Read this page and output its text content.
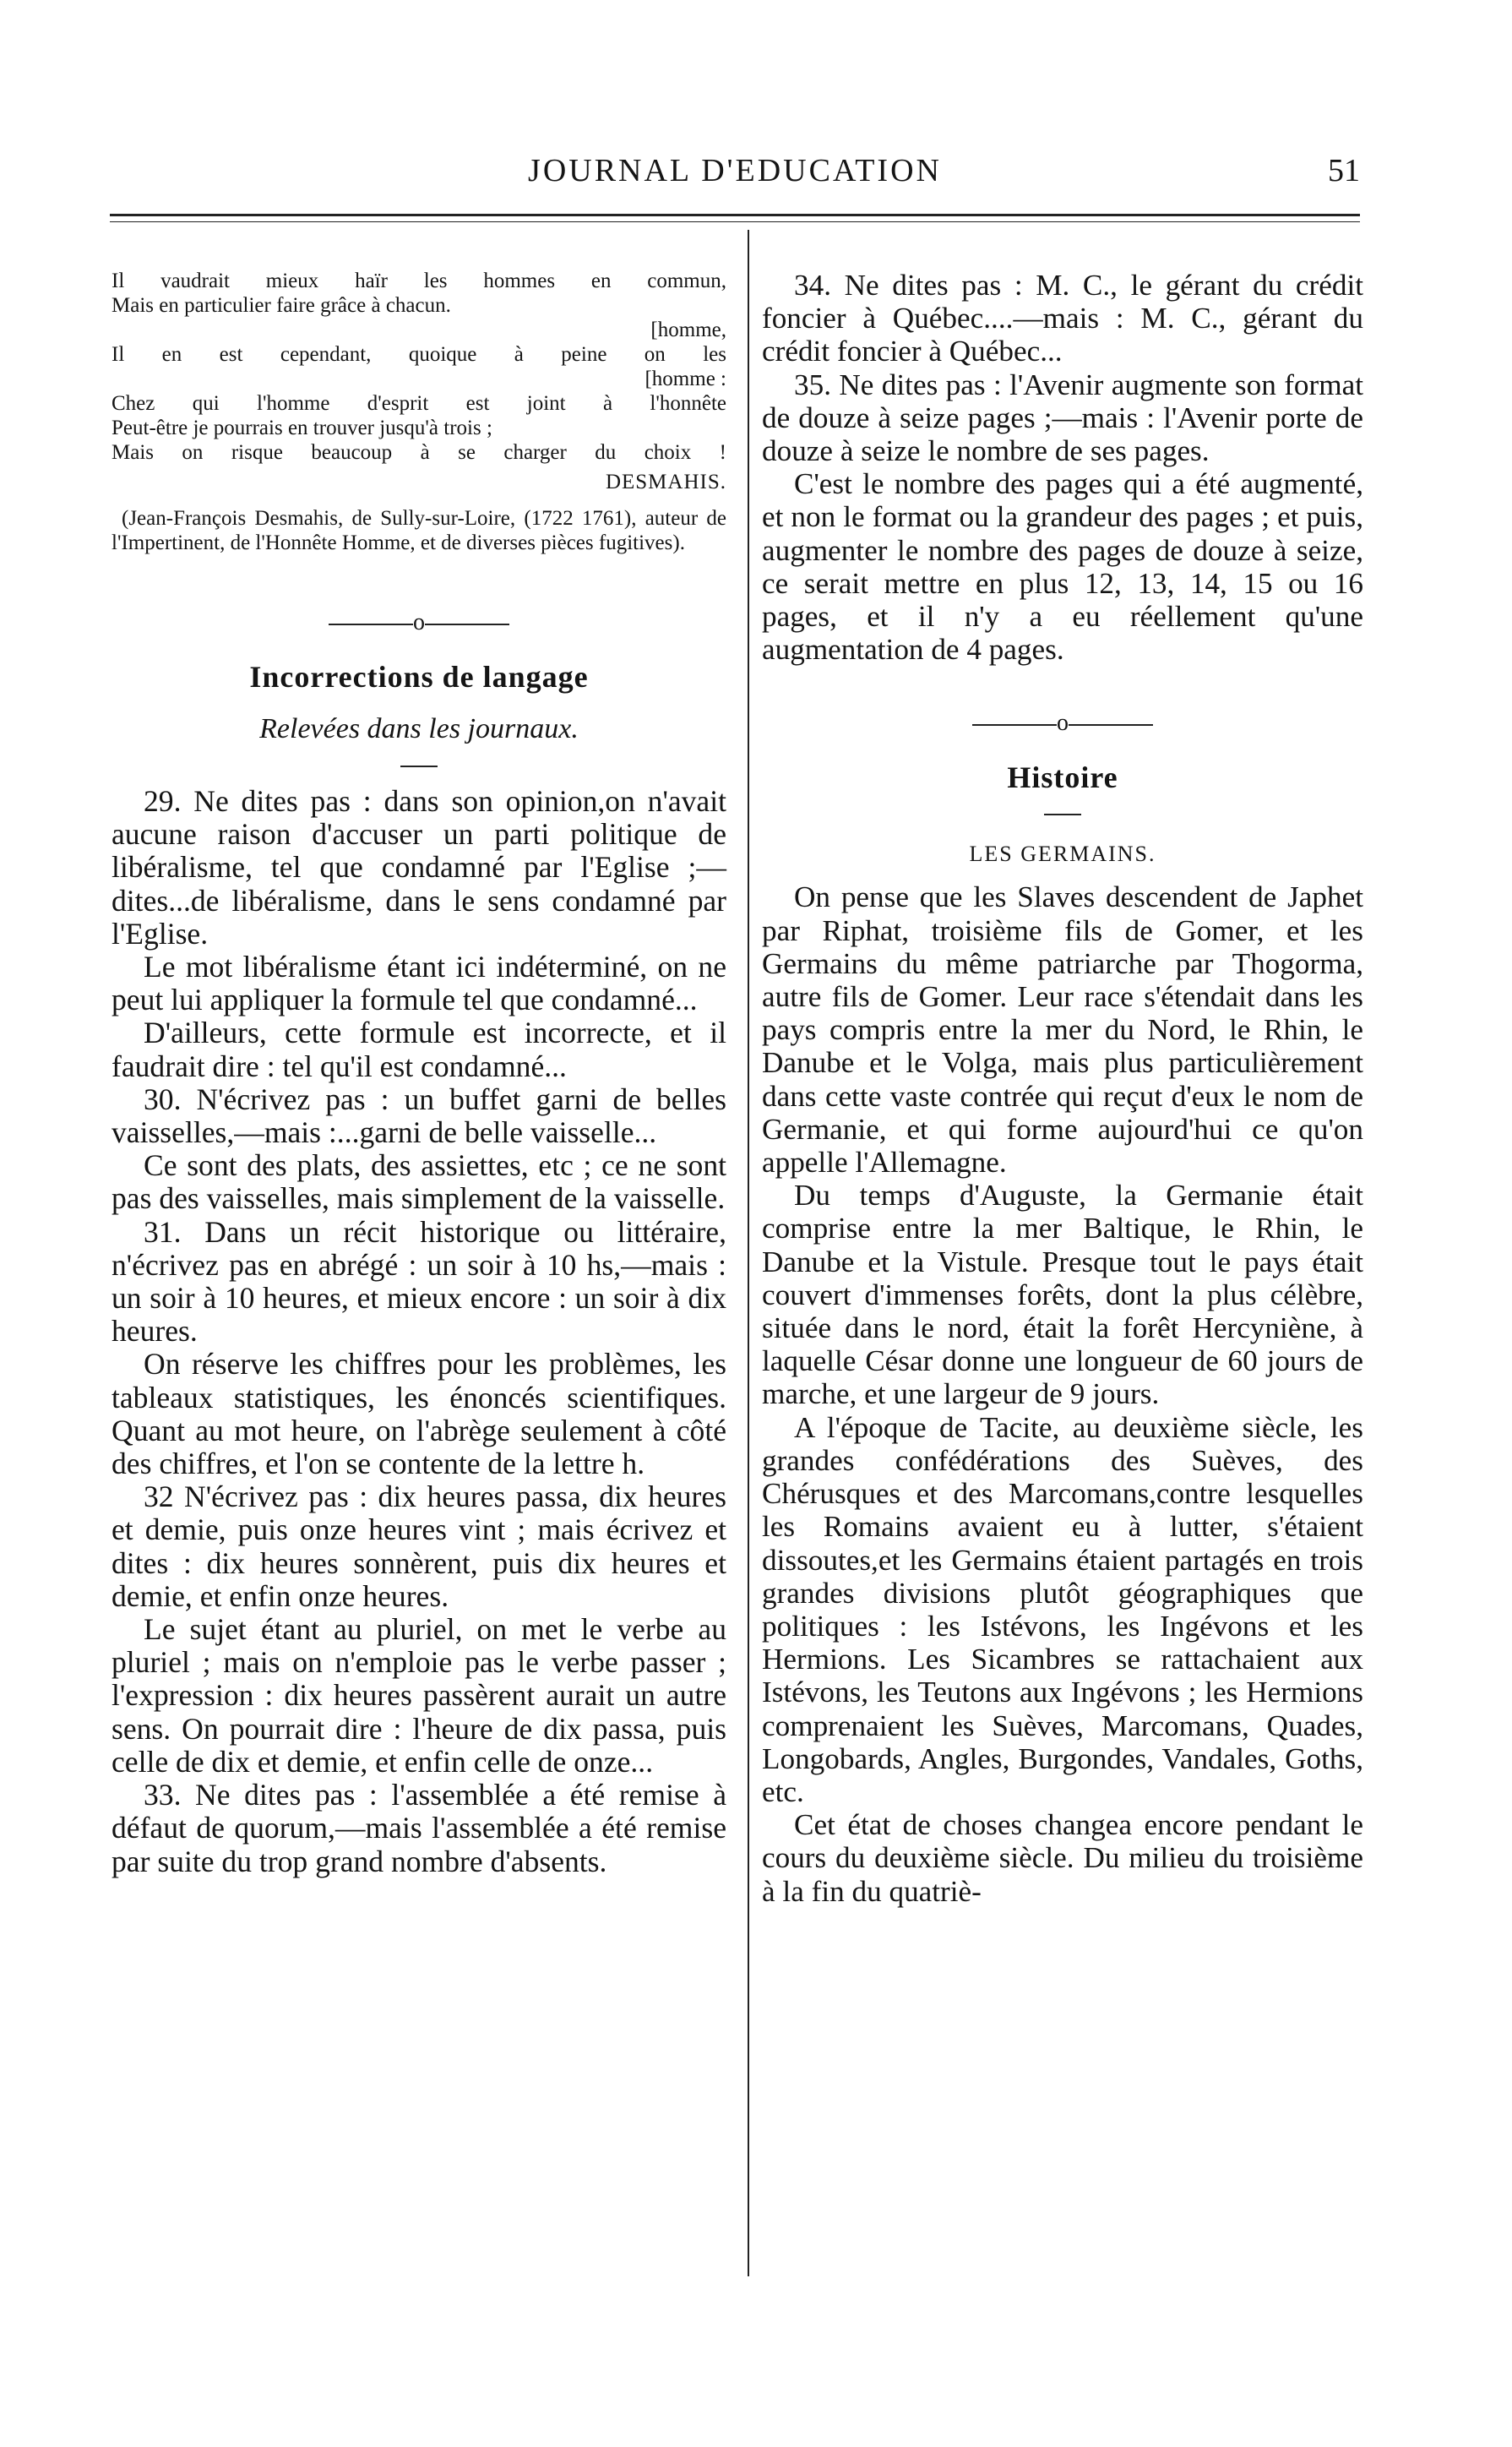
JOURNAL D'EDUCATION	51
Il vaudrait mieux haïr les hommes en commun,
Mais en particulier faire grâce à chacun.
[homme,
Il en est cependant, quoique à peine on les
[homme :
Chez qui l'homme d'esprit est joint à l'honnête
Peut-être je pourrais en trouver jusqu'à trois ;
Mais on risque beaucoup à se charger du choix !
DESMAHIS.

(Jean-François Desmahis, de Sully-sur-Loire, (1722 1761), auteur de l'Impertinent, de l'Honnête Homme, et de diverses pièces fugitives).

o
Incorrections de langage
Relevées dans les journaux.

29. Ne dites pas : dans son opinion,on n'avait aucune raison d'accuser un parti politique de libéralisme, tel que condamné par l'Eglise ;—dites...de libéralisme, dans le sens condamné par l'Eglise.

Le mot libéralisme étant ici indéterminé, on ne peut lui appliquer la formule tel que condamné...

D'ailleurs, cette formule est incorrecte, et il faudrait dire : tel qu'il est condamné...

30. N'écrivez pas : un buffet garni de belles vaisselles,—mais :...garni de belle vaisselle...

Ce sont des plats, des assiettes, etc ; ce ne sont pas des vaisselles, mais simplement de la vaisselle.

31. Dans un récit historique ou littéraire, n'écrivez pas en abrégé : un soir à 10 hs,—mais : un soir à 10 heures, et mieux encore : un soir à dix heures.

On réserve les chiffres pour les problèmes, les tableaux statistiques, les énoncés scientifiques. Quant au mot heure, on l'abrège seulement à côté des chiffres, et l'on se contente de la lettre h.

32 N'écrivez pas : dix heures passa, dix heures et demie, puis onze heures vint ; mais écrivez et dites : dix heures sonnèrent, puis dix heures et demie, et enfin onze heures.

Le sujet étant au pluriel, on met le verbe au pluriel ; mais on n'emploie pas le verbe passer ; l'expression : dix heures passèrent aurait un autre sens. On pourrait dire : l'heure de dix passa, puis celle de dix et demie, et enfin celle de onze...

33. Ne dites pas : l'assemblée a été remise à défaut de quorum,—mais l'assemblée a été remise par suite du trop grand nombre d'absents.

34. Ne dites pas : M. C., le gérant du crédit foncier à Québec....—mais : M. C., gérant du crédit foncier à Québec...

35. Ne dites pas : l'Avenir augmente son format de douze à seize pages ;—mais : l'Avenir porte de douze à seize le nombre de ses pages.

C'est le nombre des pages qui a été augmenté, et non le format ou la grandeur des pages ; et puis, augmenter le nombre des pages de douze à seize, ce serait mettre en plus 12, 13, 14, 15 ou 16 pages, et il n'y a eu réellement qu'une augmentation de 4 pages.

o
Histoire
LES GERMAINS.

On pense que les Slaves descendent de Japhet par Riphat, troisième fils de Gomer, et les Germains du même patriarche par Thogorma, autre fils de Gomer. Leur race s'étendait dans les pays compris entre la mer du Nord, le Rhin, le Danube et le Volga, mais plus particulièrement dans cette vaste contrée qui reçut d'eux le nom de Germanie, et qui forme aujourd'hui ce qu'on appelle l'Allemagne.

Du temps d'Auguste, la Germanie était comprise entre la mer Baltique, le Rhin, le Danube et la Vistule. Presque tout le pays était couvert d'immenses forêts, dont la plus célèbre, située dans le nord, était la forêt Hercyniène, à laquelle César donne une longueur de 60 jours de marche, et une largeur de 9 jours.

A l'époque de Tacite, au deuxième siècle, les grandes confédérations des Suèves, des Chérusques et des Marcomans,contre lesquelles les Romains avaient eu à lutter, s'étaient dissoutes,et les Germains étaient partagés en trois grandes divisions plutôt géographiques que politiques : les Istévons, les Ingévons et les Hermions. Les Sicambres se rattachaient aux Istévons, les Teutons aux Ingévons ; les Hermions comprenaient les Suèves, Marcomans, Quades, Longobards, Angles, Burgondes, Vandales, Goths, etc.

Cet état de choses changea encore pendant le cours du deuxième siècle. Du milieu du troisième à la fin du quatriè-
